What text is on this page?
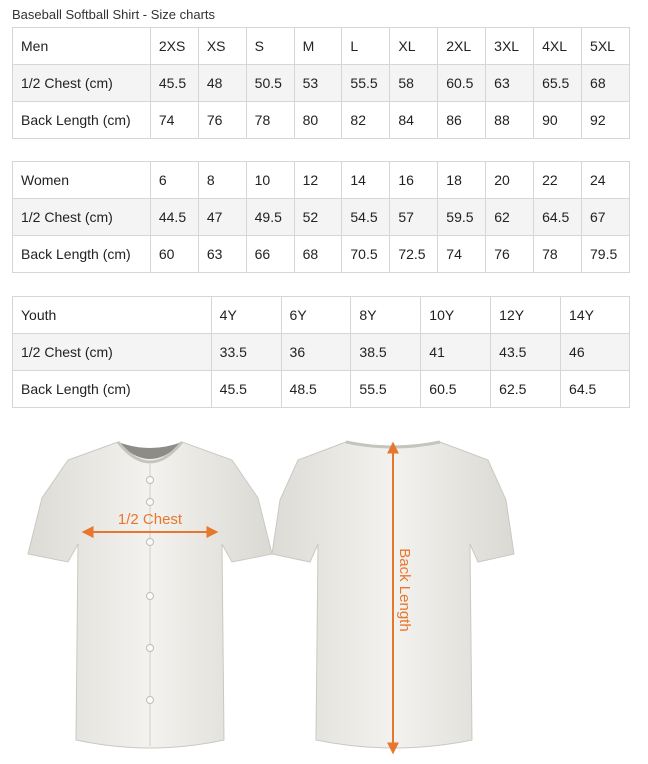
Baseball Softball Shirt - Size charts
Men	2XS	XS	S	M	L	XL	2XL	3XL	4XL	5XL
1/2 Chest (cm)	45.5	48	50.5	53	55.5	58	60.5	63	65.5	68
Back Length (cm)	74	76	78	80	82	84	86	88	90	92
Women	6	8	10	12	14	16	18	20	22	24
1/2 Chest (cm)	44.5	47	49.5	52	54.5	57	59.5	62	64.5	67
Back Length (cm)	60	63	66	68	70.5	72.5	74	76	78	79.5
Youth	4Y	6Y	8Y	10Y	12Y	14Y
1/2 Chest (cm)	33.5	36	38.5	41	43.5	46
Back Length (cm)	45.5	48.5	55.5	60.5	62.5	64.5
1/2 Chest
Back Length
